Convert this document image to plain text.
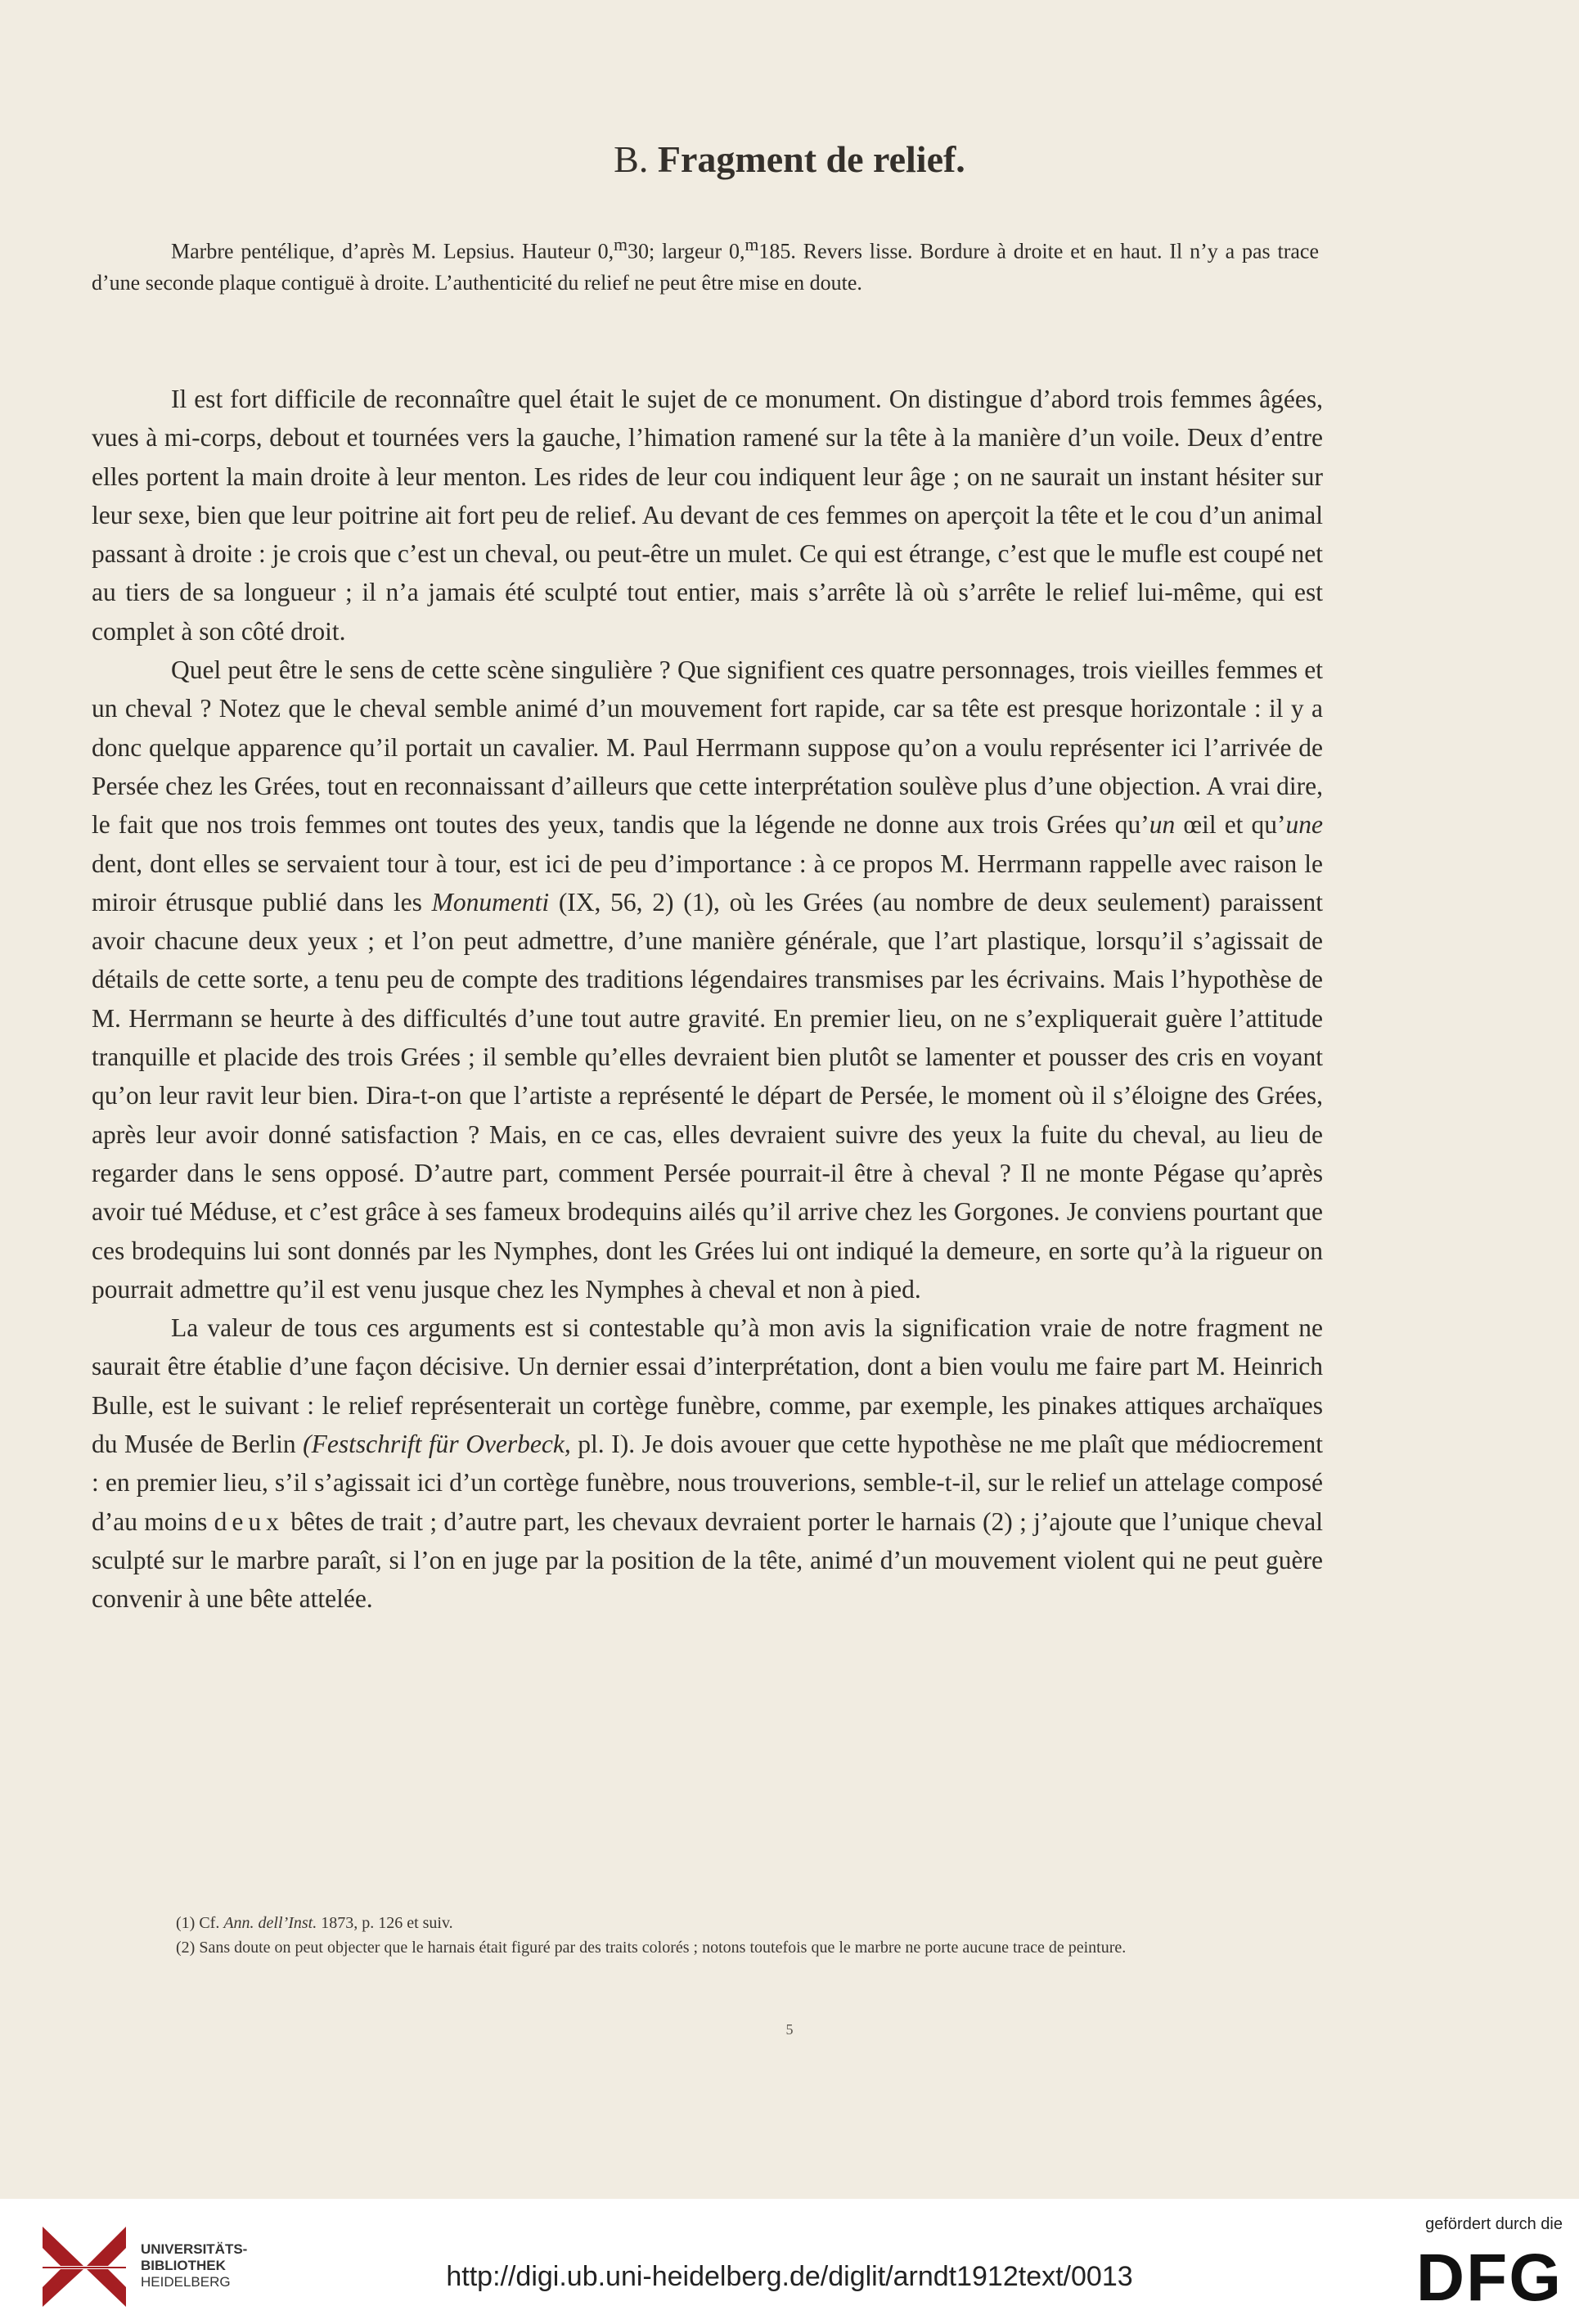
B. Fragment de relief.

Marbre pentélique, d’après M. Lepsius. Hauteur 0,$^m$30; largeur 0,$^m$185. Revers lisse. Bordure à droite et en haut. Il n’y a pas trace d’une seconde plaque contiguë à droite. L’authenticité du relief ne peut être mise en doute.

Il est fort difficile de reconnaître quel était le sujet de ce monument. On distingue d’abord trois femmes âgées, vues à mi-corps, debout et tournées vers la gauche, l’himation ramené sur la tête à la manière d’un voile. Deux d’entre elles portent la main droite à leur menton. Les rides de leur cou indiquent leur âge ; on ne saurait un instant hésiter sur leur sexe, bien que leur poitrine ait fort peu de relief. Au devant de ces femmes on aperçoit la tête et le cou d’un animal passant à droite : je crois que c’est un cheval, ou peut-être un mulet. Ce qui est étrange, c’est que le mufle est coupé net au tiers de sa longueur ; il n’a jamais été sculpté tout entier, mais s’arrête là où s’arrête le relief lui-même, qui est complet à son côté droit.

Quel peut être le sens de cette scène singulière ? Que signifient ces quatre personnages, trois vieilles femmes et un cheval ? Notez que le cheval semble animé d’un mouvement fort rapide, car sa tête est presque horizontale : il y a donc quelque apparence qu’il portait un cavalier. M. Paul Herrmann suppose qu’on a voulu représenter ici l’arrivée de Persée chez les Grées, tout en reconnaissant d’ailleurs que cette interprétation soulève plus d’une objection. A vrai dire, le fait que nos trois femmes ont toutes des yeux, tandis que la légende ne donne aux trois Grées qu’un œil et qu’une dent, dont elles se servaient tour à tour, est ici de peu d’importance : à ce propos M. Herrmann rappelle avec raison le miroir étrusque publié dans les Monumenti (IX, 56, 2) (1), où les Grées (au nombre de deux seulement) paraissent avoir chacune deux yeux ; et l’on peut admettre, d’une manière générale, que l’art plastique, lorsqu’il s’agissait de détails de cette sorte, a tenu peu de compte des traditions légendaires transmises par les écrivains. Mais l’hypothèse de M. Herrmann se heurte à des difficultés d’une tout autre gravité. En premier lieu, on ne s’expliquerait guère l’attitude tranquille et placide des trois Grées ; il semble qu’elles devraient bien plutôt se lamenter et pousser des cris en voyant qu’on leur ravit leur bien. Dira-t-on que l’artiste a représenté le départ de Persée, le moment où il s’éloigne des Grées, après leur avoir donné satisfaction ? Mais, en ce cas, elles devraient suivre des yeux la fuite du cheval, au lieu de regarder dans le sens opposé. D’autre part, comment Persée pourrait-il être à cheval ? Il ne monte Pégase qu’après avoir tué Méduse, et c’est grâce à ses fameux brodequins ailés qu’il arrive chez les Gorgones. Je conviens pourtant que ces brodequins lui sont donnés par les Nymphes, dont les Grées lui ont indiqué la demeure, en sorte qu’à la rigueur on pourrait admettre qu’il est venu jusque chez les Nymphes à cheval et non à pied.

La valeur de tous ces arguments est si contestable qu’à mon avis la signification vraie de notre fragment ne saurait être établie d’une façon décisive. Un dernier essai d’interprétation, dont a bien voulu me faire part M. Heinrich Bulle, est le suivant : le relief représenterait un cortège funèbre, comme, par exemple, les pinakes attiques archaïques du Musée de Berlin (Festschrift für Overbeck, pl. I). Je dois avouer que cette hypothèse ne me plaît que médiocrement : en premier lieu, s’il s’agissait ici d’un cortège funèbre, nous trouverions, semble-t-il, sur le relief un attelage composé d’au moins deux bêtes de trait ; d’autre part, les chevaux devraient porter le harnais (2) ; j’ajoute que l’unique cheval sculpté sur le marbre paraît, si l’on en juge par la position de la tête, animé d’un mouvement violent qui ne peut guère convenir à une bête attelée.

(1) Cf. Ann. dell’Inst. 1873, p. 126 et suiv.

(2) Sans doute on peut objecter que le harnais était figuré par des traits colorés ; notons toutefois que le marbre ne porte aucune trace de peinture.

5
UNIVERSITÄTS-
BIBLIOTHEK
HEIDELBERG	http://digi.ub.uni-heidelberg.de/diglit/arndt1912text/0013
gefördert durch die
DFG
